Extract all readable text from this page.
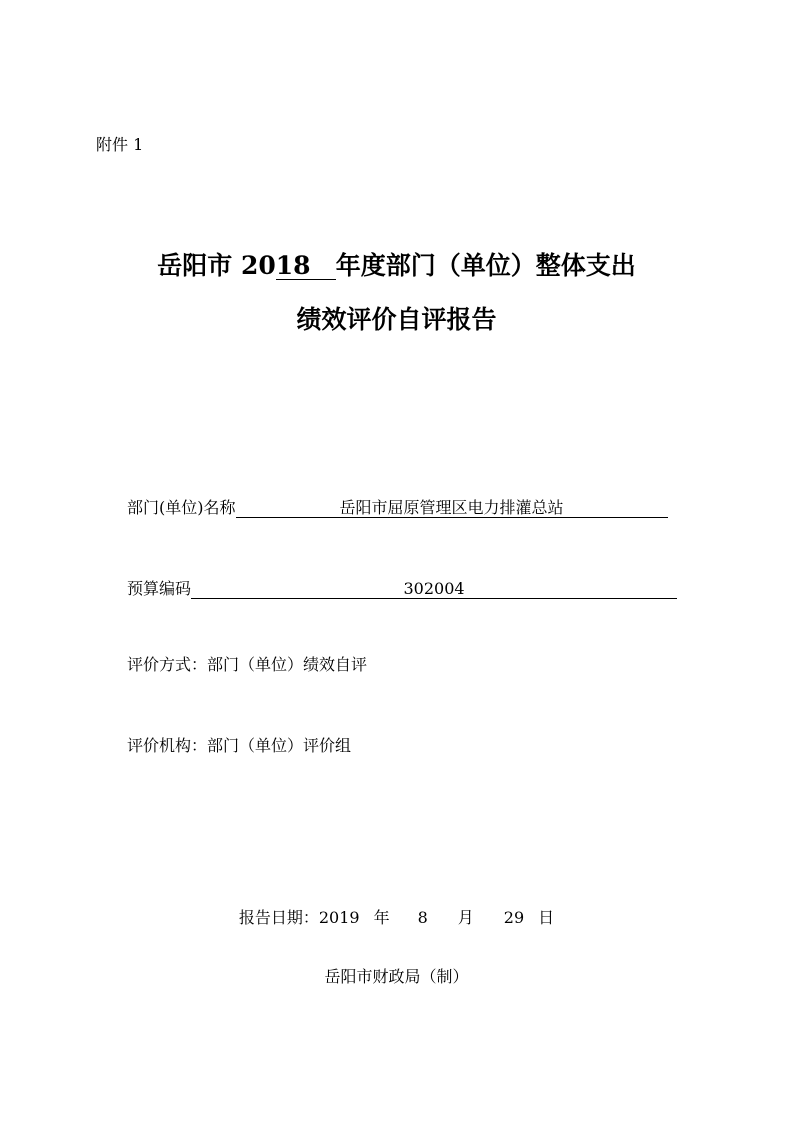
附件 1
岳阳市 2018 年度部门（单位）整体支出
绩效评价自评报告
部门(单位)名称	岳阳市屈原管理区电力排灌总站
预算编码	302004
评价方式： 部门（单位）绩效自评
评价机构： 部门（单位）评价组
报告日期：2019 年 8 月 29 日
岳阳市财政局（制）
